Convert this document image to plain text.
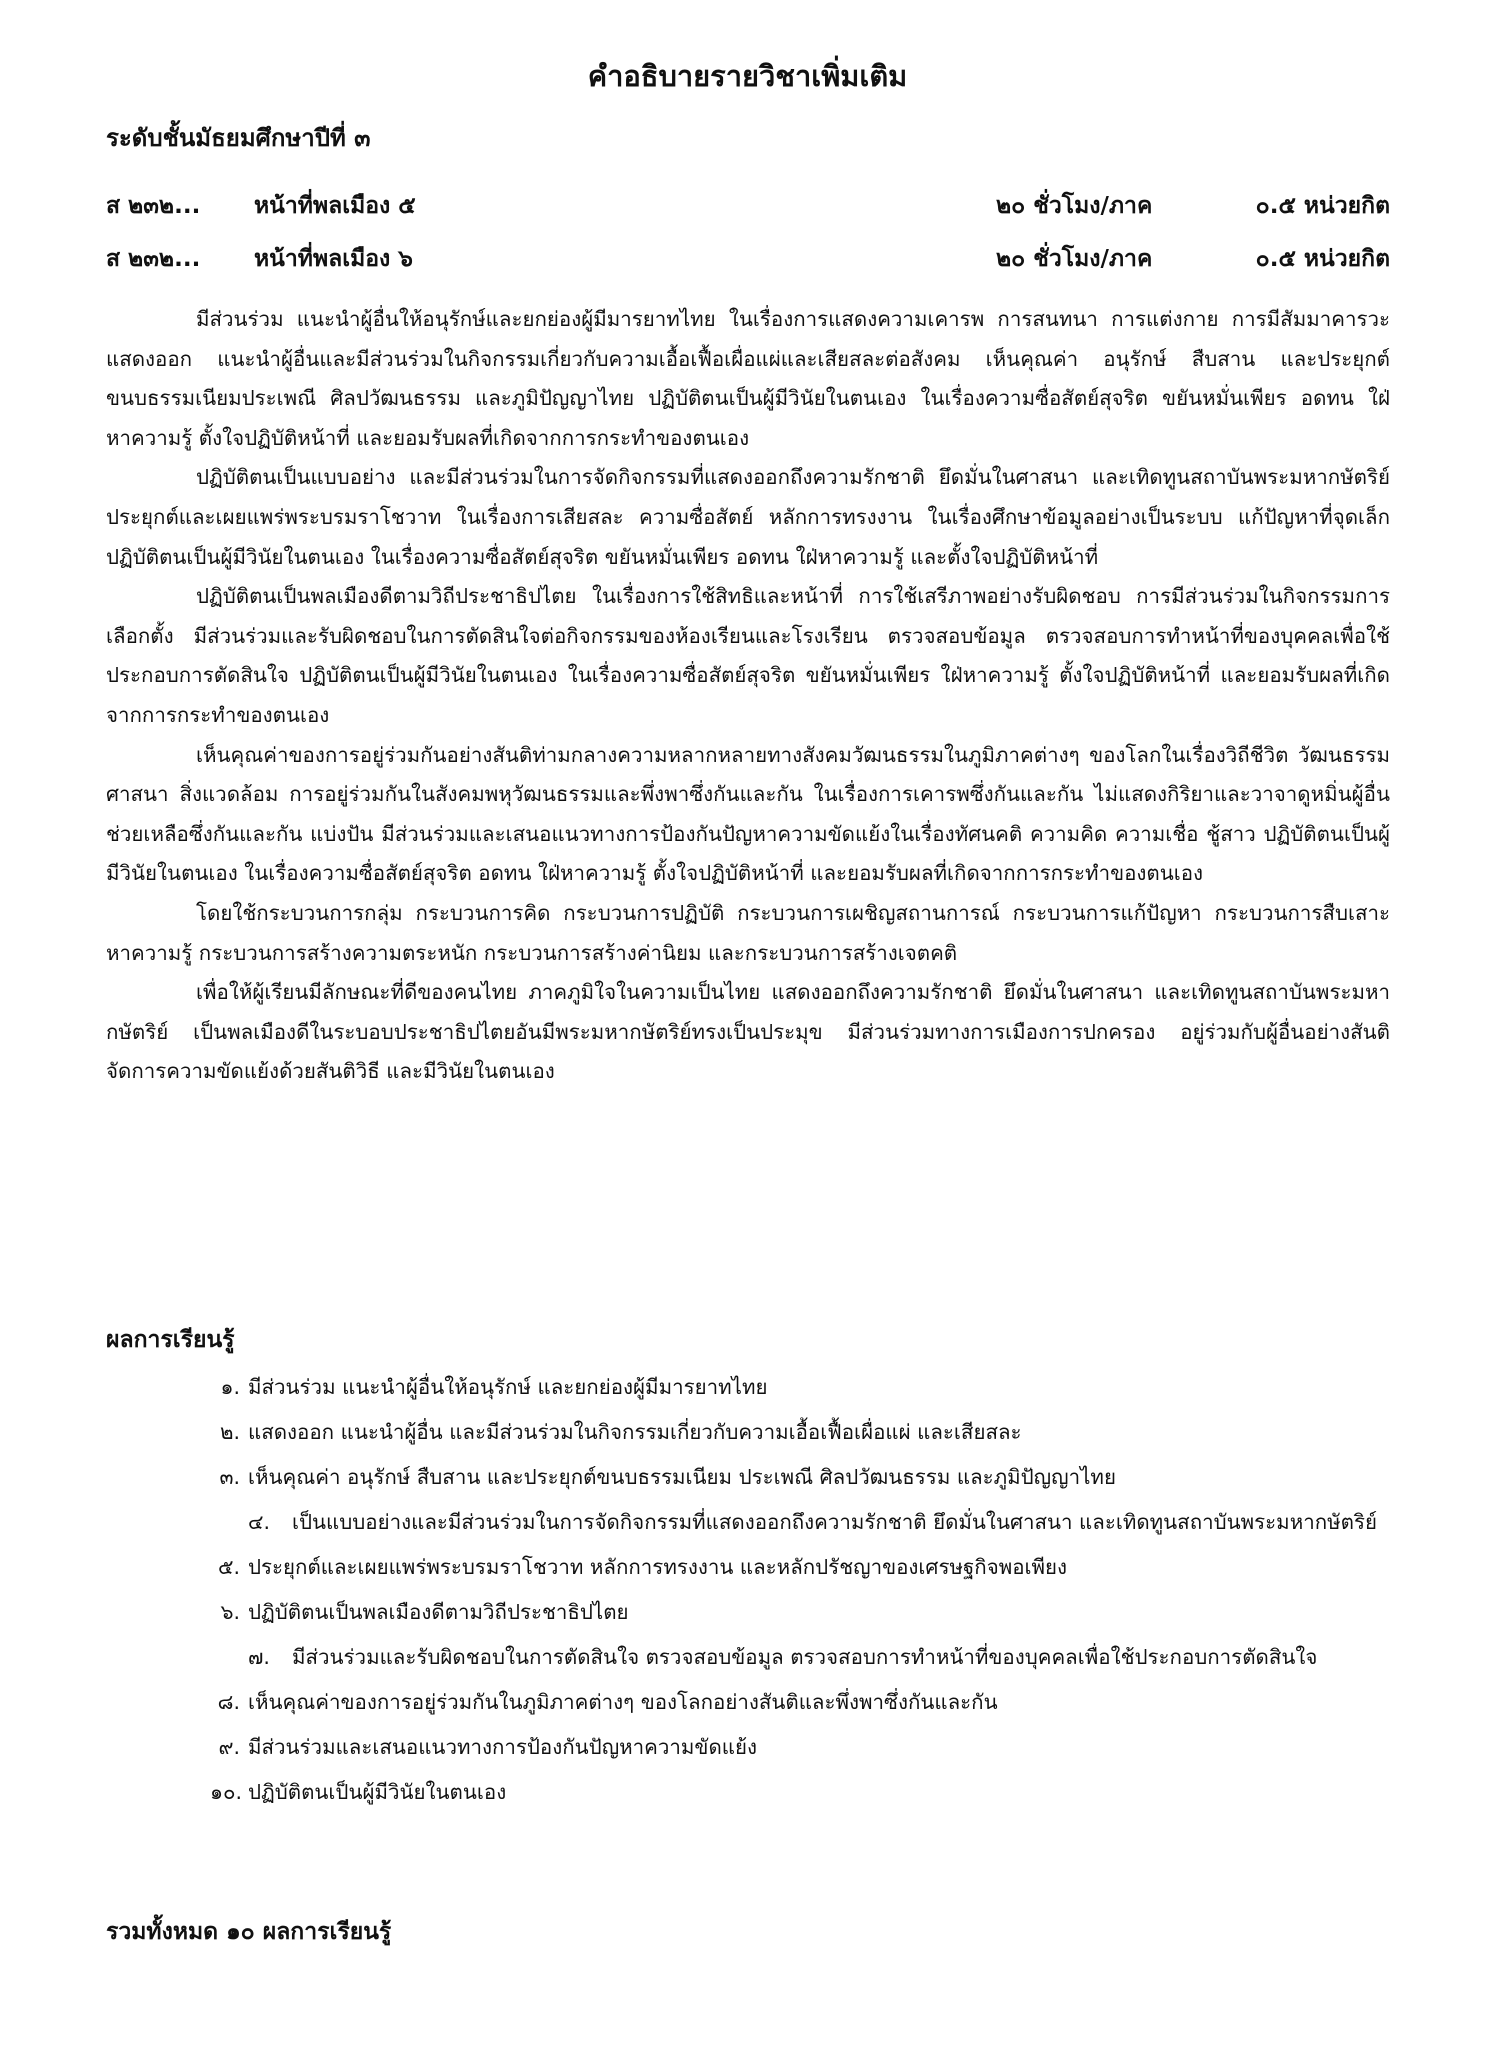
คำอธิบายรายวิชาเพิ่มเติม
ระดับชั้นมัธยมศึกษาปีที่ ๓
ส ๒๓๒... หน้าที่พลเมือง ๕	๒๐ ชั่วโมง/ภาค	๐.๕ หน่วยกิต
ส ๒๓๒... หน้าที่พลเมือง ๖	๒๐ ชั่วโมง/ภาค	๐.๕ หน่วยกิต

มีส่วนร่วม แนะนำผู้อื่นให้อนุรักษ์และยกย่องผู้มีมารยาทไทย ในเรื่องการแสดงความเคารพ การสนทนา การแต่งกาย การมีสัมมาคารวะ แสดงออก แนะนำผู้อื่นและมีส่วนร่วมในกิจกรรมเกี่ยวกับความเอื้อเฟื้อเผื่อแผ่และเสียสละต่อสังคม เห็นคุณค่า อนุรักษ์ สืบสาน และประยุกต์ขนบธรรมเนียมประเพณี ศิลปวัฒนธรรม และภูมิปัญญาไทย ปฏิบัติตนเป็นผู้มีวินัยในตนเอง ในเรื่องความซื่อสัตย์สุจริต ขยันหมั่นเพียร อดทน ใฝ่หาความรู้ ตั้งใจปฏิบัติหน้าที่ และยอมรับผลที่เกิดจากการกระทำของตนเอง

ปฏิบัติตนเป็นแบบอย่าง และมีส่วนร่วมในการจัดกิจกรรมที่แสดงออกถึงความรักชาติ ยึดมั่นในศาสนา และเทิดทูนสถาบันพระมหากษัตริย์ ประยุกต์และเผยแพร่พระบรมราโชวาท ในเรื่องการเสียสละ ความซื่อสัตย์ หลักการทรงงาน ในเรื่องศึกษาข้อมูลอย่างเป็นระบบ แก้ปัญหาที่จุดเล็ก ปฏิบัติตนเป็นผู้มีวินัยในตนเอง ในเรื่องความซื่อสัตย์สุจริต ขยันหมั่นเพียร อดทน ใฝ่หาความรู้ และตั้งใจปฏิบัติหน้าที่

ปฏิบัติตนเป็นพลเมืองดีตามวิถีประชาธิปไตย ในเรื่องการใช้สิทธิและหน้าที่ การใช้เสรีภาพอย่างรับผิดชอบ การมีส่วนร่วมในกิจกรรมการเลือกตั้ง มีส่วนร่วมและรับผิดชอบในการตัดสินใจต่อกิจกรรมของห้องเรียนและโรงเรียน ตรวจสอบข้อมูล ตรวจสอบการทำหน้าที่ของบุคคลเพื่อใช้ประกอบการตัดสินใจ ปฏิบัติตนเป็นผู้มีวินัยในตนเอง ในเรื่องความซื่อสัตย์สุจริต ขยันหมั่นเพียร ใฝ่หาความรู้ ตั้งใจปฏิบัติหน้าที่ และยอมรับผลที่เกิดจากการกระทำของตนเอง

เห็นคุณค่าของการอยู่ร่วมกันอย่างสันติท่ามกลางความหลากหลายทางสังคมวัฒนธรรมในภูมิภาคต่างๆ ของโลกในเรื่องวิถีชีวิต วัฒนธรรม ศาสนา สิ่งแวดล้อม การอยู่ร่วมกันในสังคมพหุวัฒนธรรมและพึ่งพาซึ่งกันและกัน ในเรื่องการเคารพซึ่งกันและกัน ไม่แสดงกิริยาและวาจาดูหมิ่นผู้อื่น ช่วยเหลือซึ่งกันและกัน แบ่งปัน มีส่วนร่วมและเสนอแนวทางการป้องกันปัญหาความขัดแย้งในเรื่องทัศนคติ ความคิด ความเชื่อ ชู้สาว ปฏิบัติตนเป็นผู้มีวินัยในตนเอง ในเรื่องความซื่อสัตย์สุจริต อดทน ใฝ่หาความรู้ ตั้งใจปฏิบัติหน้าที่ และยอมรับผลที่เกิดจากการกระทำของตนเอง

โดยใช้กระบวนการกลุ่ม กระบวนการคิด กระบวนการปฏิบัติ กระบวนการเผชิญสถานการณ์ กระบวนการแก้ปัญหา กระบวนการสืบเสาะหาความรู้ กระบวนการสร้างความตระหนัก กระบวนการสร้างค่านิยม และกระบวนการสร้างเจตคติ

เพื่อให้ผู้เรียนมีลักษณะที่ดีของคนไทย ภาคภูมิใจในความเป็นไทย แสดงออกถึงความรักชาติ ยึดมั่นในศาสนา และเทิดทูนสถาบันพระมหากษัตริย์ เป็นพลเมืองดีในระบอบประชาธิปไตยอันมีพระมหากษัตริย์ทรงเป็นประมุข มีส่วนร่วมทางการเมืองการปกครอง อยู่ร่วมกับผู้อื่นอย่างสันติ จัดการความขัดแย้งด้วยสันติวิธี และมีวินัยในตนเอง

ผลการเรียนรู้
๑. มีส่วนร่วม แนะนำผู้อื่นให้อนุรักษ์ และยกย่องผู้มีมารยาทไทย
๒. แสดงออก แนะนำผู้อื่น และมีส่วนร่วมในกิจกรรมเกี่ยวกับความเอื้อเฟื้อเผื่อแผ่ และเสียสละ
๓. เห็นคุณค่า อนุรักษ์ สืบสาน และประยุกต์ขนบธรรมเนียม ประเพณี ศิลปวัฒนธรรม และภูมิปัญญาไทย
๔. เป็นแบบอย่างและมีส่วนร่วมในการจัดกิจกรรมที่แสดงออกถึงความรักชาติ ยึดมั่นในศาสนา และเทิดทูนสถาบันพระมหากษัตริย์
๕. ประยุกต์และเผยแพร่พระบรมราโชวาท หลักการทรงงาน และหลักปรัชญาของเศรษฐกิจพอเพียง
๖. ปฏิบัติตนเป็นพลเมืองดีตามวิถีประชาธิปไตย
๗. มีส่วนร่วมและรับผิดชอบในการตัดสินใจ ตรวจสอบข้อมูล ตรวจสอบการทำหน้าที่ของบุคคลเพื่อใช้ประกอบการตัดสินใจ
๘. เห็นคุณค่าของการอยู่ร่วมกันในภูมิภาคต่างๆ ของโลกอย่างสันติและพึ่งพาซึ่งกันและกัน
๙. มีส่วนร่วมและเสนอแนวทางการป้องกันปัญหาความขัดแย้ง
๑๐. ปฏิบัติตนเป็นผู้มีวินัยในตนเอง
รวมทั้งหมด ๑๐ ผลการเรียนรู้
